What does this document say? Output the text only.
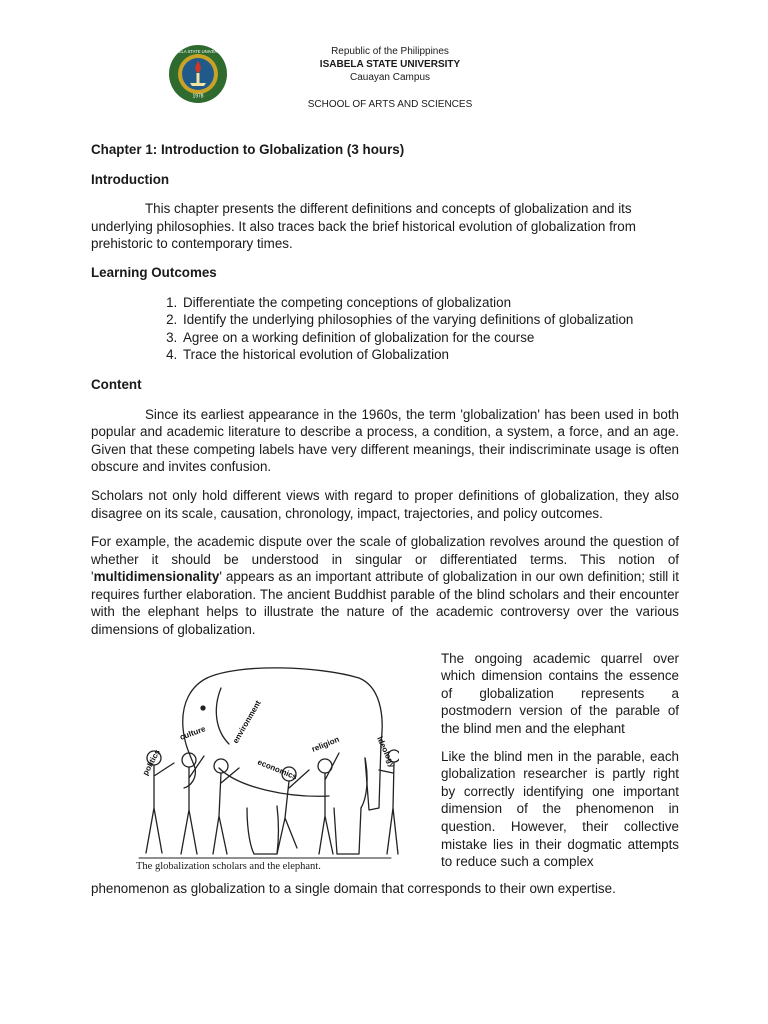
1978
ISABELA STATE UNIVERSITY	Republic of the Philippines
ISABELA STATE UNIVERSITY
Cauayan Campus
SCHOOL OF ARTS AND SCIENCES
Chapter 1: Introduction to Globalization (3 hours)
Introduction

This chapter presents the different definitions and concepts of globalization and its underlying philosophies. It also traces back the brief historical evolution of globalization from prehistoric to contemporary times.

Learning Outcomes
1. Differentiate the competing conceptions of globalization
2. Identify the underlying philosophies of the varying definitions of globalization
3. Agree on a working definition of globalization for the course
4. Trace the historical evolution of Globalization
Content

Since its earliest appearance in the 1960s, the term 'globalization' has been used in both popular and academic literature to describe a process, a condition, a system, a force, and an age. Given that these competing labels have very different meanings, their indiscriminate usage is often obscure and invites confusion.

Scholars not only hold different views with regard to proper definitions of globalization, they also disagree on its scale, causation, chronology, impact, trajectories, and policy outcomes.

For example, the academic dispute over the scale of globalization revolves around the question of whether it should be understood in singular or differentiated terms. This notion of 'multidimensionality' appears as an important attribute of globalization in our own definition; still it requires further elaboration. The ancient Buddhist parable of the blind scholars and their encounter with the elephant helps to illustrate the nature of the academic controversy over the various dimensions of globalization.

politics
culture	environment
economics
religion	ideology
The globalization scholars and the elephant.

The ongoing academic quarrel over which dimension contains the essence of globalization represents a postmodern version of the parable of the blind men and the elephant

Like the blind men in the parable, each globalization researcher is partly right by correctly identifying one important dimension of the phenomenon in question. However, their collective mistake lies in their dogmatic attempts to reduce such a complex

phenomenon as globalization to a single domain that corresponds to their own expertise.
